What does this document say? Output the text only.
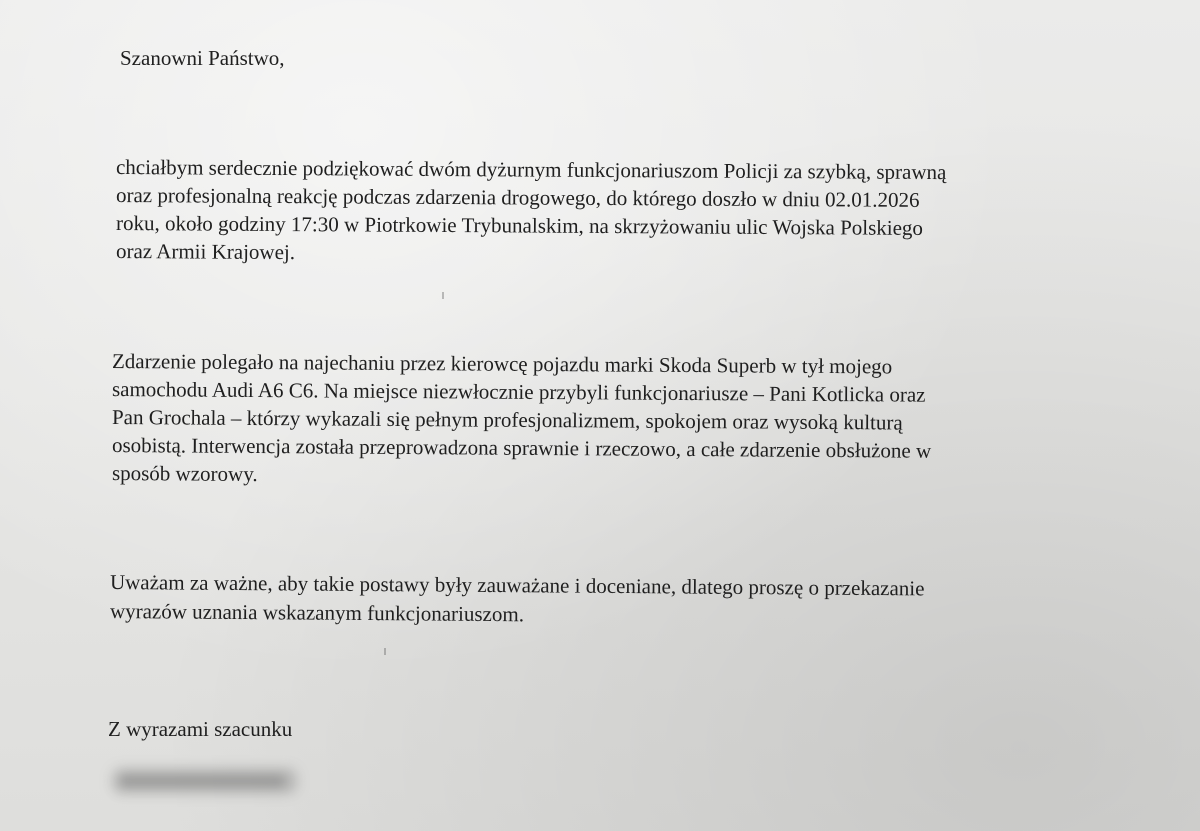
Szanowni Państwo,

chciałbym serdecznie podziękować dwóm dyżurnym funkcjonariuszom Policji za szybką, sprawną

oraz profesjonalną reakcję podczas zdarzenia drogowego, do którego doszło w dniu 02.01.2026

roku, około godziny 17:30 w Piotrkowie Trybunalskim, na skrzyżowaniu ulic Wojska Polskiego

oraz Armii Krajowej.

Zdarzenie polegało na najechaniu przez kierowcę pojazdu marki Skoda Superb w tył mojego

samochodu Audi A6 C6. Na miejsce niezwłocznie przybyli funkcjonariusze – Pani Kotlicka oraz

Pan Grochala – którzy wykazali się pełnym profesjonalizmem, spokojem oraz wysoką kulturą

osobistą. Interwencja została przeprowadzona sprawnie i rzeczowo, a całe zdarzenie obsłużone w

sposób wzorowy.

Uważam za ważne, aby takie postawy były zauważane i doceniane, dlatego proszę o przekazanie

wyrazów uznania wskazanym funkcjonariuszom.

Z wyrazami szacunku
